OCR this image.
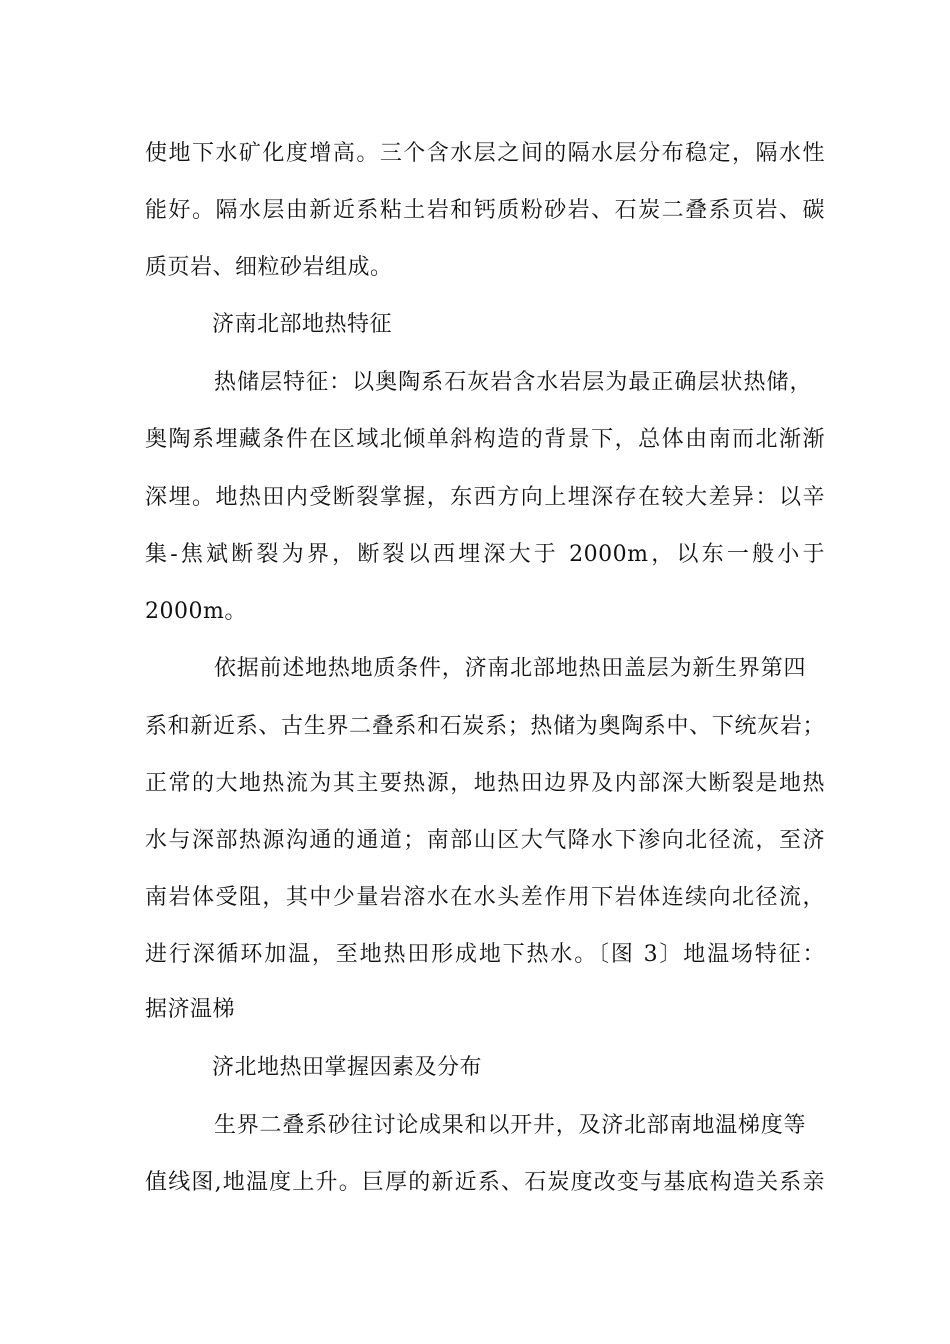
使地下水矿化度增高。三个含水层之间的隔水层分布稳定，隔水性
能好。隔水层由新近系粘土岩和钙质粉砂岩、石炭二叠系页岩、碳
质页岩、细粒砂岩组成。
济南北部地热特征
热储层特征：以奥陶系石灰岩含水岩层为最正确层状热储，
奥陶系埋藏条件在区域北倾单斜构造的背景下，总体由南而北渐渐
深埋。地热田内受断裂掌握，东西方向上埋深存在较大差异：以辛
集-焦斌断裂为界，断裂以西埋深大于 2000m，以东一般小于
2000m。
依据前述地热地质条件，济南北部地热田盖层为新生界第四
系和新近系、古生界二叠系和石炭系；热储为奥陶系中、下统灰岩；
正常的大地热流为其主要热源，地热田边界及内部深大断裂是地热
水与深部热源沟通的通道；南部山区大气降水下渗向北径流，至济
南岩体受阻，其中少量岩溶水在水头差作用下岩体连续向北径流，
进行深循环加温，至地热田形成地下热水。〔图 3〕地温场特征：
据济温梯
济北地热田掌握因素及分布
生界二叠系砂往讨论成果和以开井，及济北部南地温梯度等
值线图,地温度上升。巨厚的新近系、石炭度改变与基底构造关系亲
